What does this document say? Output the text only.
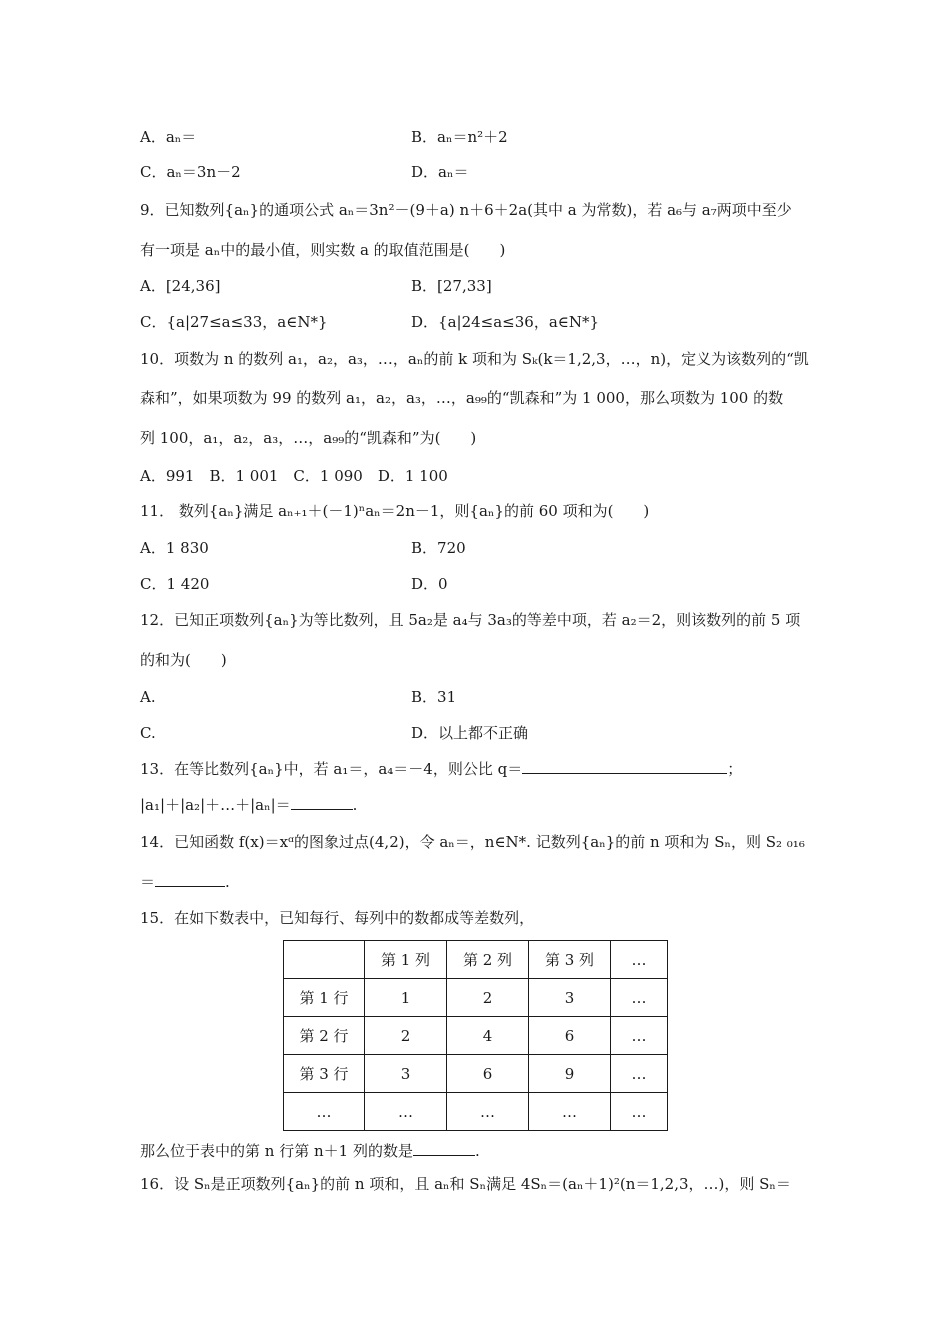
A．aₙ＝	B．aₙ＝n²＋2
C．aₙ＝3n－2	D．aₙ＝
9．已知数列{aₙ}的通项公式 aₙ＝3n²－(9＋a) n＋6＋2a(其中 a 为常数)，若 a₆与 a₇两项中至少
有一项是 aₙ中的最小值，则实数 a 的取值范围是(　　)
A．[24,36]	B．[27,33]
C．{a|27≤a≤33，a∈N*}	D．{a|24≤a≤36，a∈N*}
10．项数为 n 的数列 a₁，a₂，a₃，…，aₙ的前 k 项和为 Sₖ(k＝1,2,3，…，n)，定义为该数列的“凯
森和”，如果项数为 99 的数列 a₁，a₂，a₃，…，a₉₉的“凯森和”为 1 000，那么项数为 100 的数
列 100，a₁，a₂，a₃，…，a₉₉的“凯森和”为(　　)
A．991　B．1 001　C．1 090　D．1 100
11． 数列{aₙ}满足 aₙ₊₁＋(－1)ⁿaₙ＝2n－1，则{aₙ}的前 60 项和为(　　)
A．1 830	B．720
C．1 420	D．0
12．已知正项数列{aₙ}为等比数列，且 5a₂是 a₄与 3a₃的等差中项，若 a₂＝2，则该数列的前 5 项
的和为(　　)
A.	B．31
C.	D．以上都不正确
13．在等比数列{aₙ}中，若 a₁＝，a₄＝－4，则公比 q＝	；
|a₁|＋|a₂|＋…＋|aₙ|＝	.
14．已知函数 f(x)＝xᵅ的图象过点(4,2)，令 aₙ＝，n∈N*. 记数列{aₙ}的前 n 项和为 Sₙ，则 S₂ ₀₁₆
＝	.
15．在如下数表中，已知每行、每列中的数都成等差数列，
	第 1 列	第 2 列	第 3 列	…
第 1 行	1	2	3	…
第 2 行	2	4	6	…
第 3 行	3	6	9	…
…	…	…	…	…
那么位于表中的第 n 行第 n＋1 列的数是	.
16．设 Sₙ是正项数列{aₙ}的前 n 项和，且 aₙ和 Sₙ满足 4Sₙ＝(aₙ＋1)²(n＝1,2,3，…)，则 Sₙ＝
